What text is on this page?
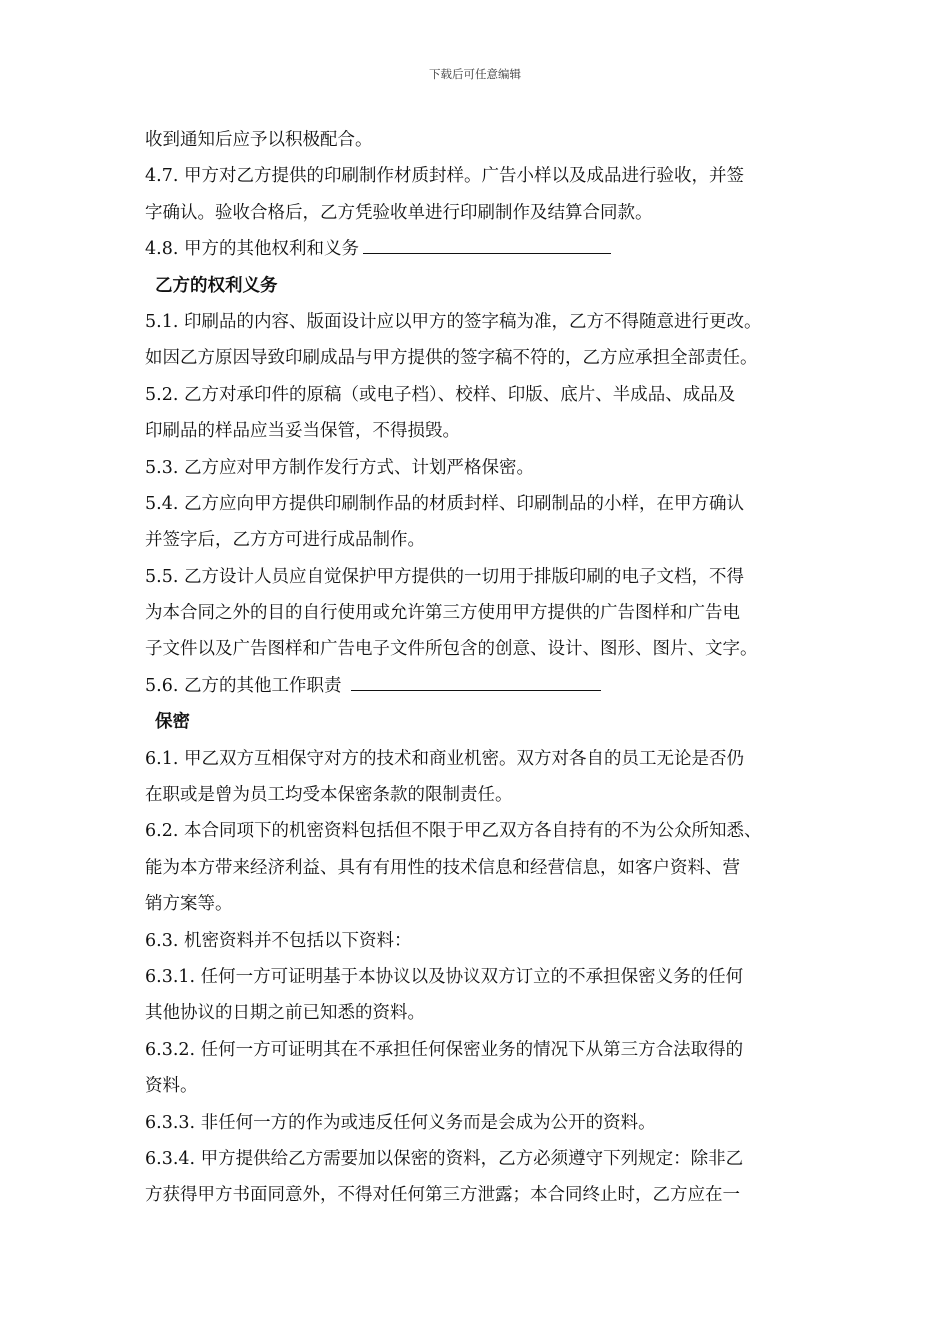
下载后可任意编辑
收到通知后应予以积极配合。
4.7. 甲方对乙方提供的印刷制作材质封样。广告小样以及成品进行验收，并签
字确认。验收合格后，乙方凭验收单进行印刷制作及结算合同款。
4.8. 甲方的其他权利和义务
乙方的权利义务
5.1. 印刷品的内容、版面设计应以甲方的签字稿为准，乙方不得随意进行更改。
如因乙方原因导致印刷成品与甲方提供的签字稿不符的，乙方应承担全部责任。
5.2. 乙方对承印件的原稿（或电子档）、校样、印版、底片、半成品、成品及
印刷品的样品应当妥当保管，不得损毁。
5.3. 乙方应对甲方制作发行方式、计划严格保密。
5.4. 乙方应向甲方提供印刷制作品的材质封样、印刷制品的小样，在甲方确认
并签字后，乙方方可进行成品制作。
5.5. 乙方设计人员应自觉保护甲方提供的一切用于排版印刷的电子文档，不得
为本合同之外的目的自行使用或允许第三方使用甲方提供的广告图样和广告电
子文件以及广告图样和广告电子文件所包含的创意、设计、图形、图片、文字。
5.6. 乙方的其他工作职责
保密
6.1. 甲乙双方互相保守对方的技术和商业机密。双方对各自的员工无论是否仍
在职或是曾为员工均受本保密条款的限制责任。
6.2. 本合同项下的机密资料包括但不限于甲乙双方各自持有的不为公众所知悉、
能为本方带来经济利益、具有有用性的技术信息和经营信息，如客户资料、营
销方案等。
6.3. 机密资料并不包括以下资料：
6.3.1. 任何一方可证明基于本协议以及协议双方订立的不承担保密义务的任何
其他协议的日期之前已知悉的资料。
6.3.2. 任何一方可证明其在不承担任何保密业务的情况下从第三方合法取得的
资料。
6.3.3. 非任何一方的作为或违反任何义务而是会成为公开的资料。
6.3.4. 甲方提供给乙方需要加以保密的资料，乙方必须遵守下列规定：除非乙
方获得甲方书面同意外，不得对任何第三方泄露；本合同终止时，乙方应在一
